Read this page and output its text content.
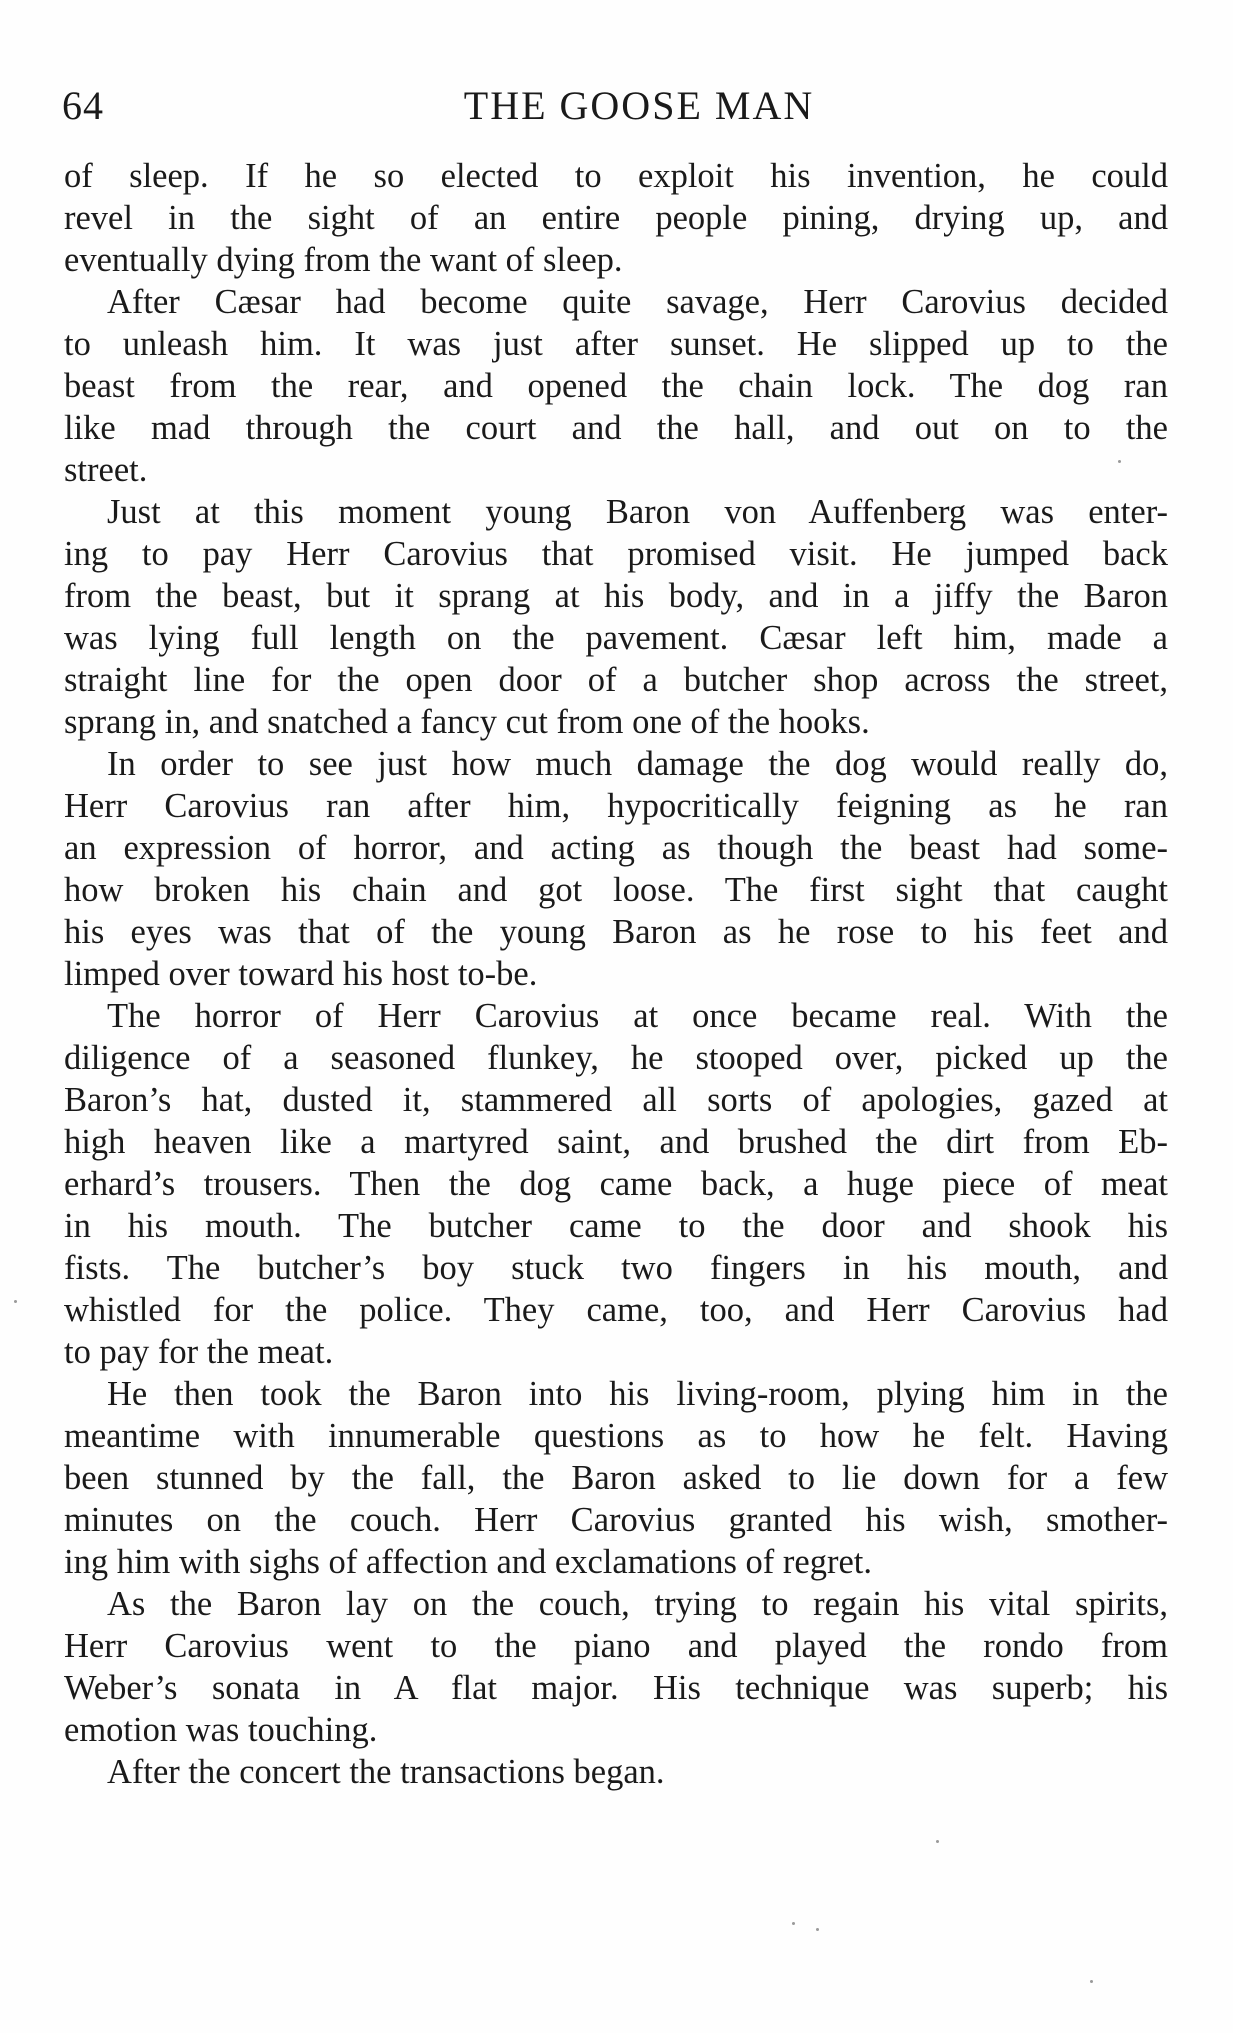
64	THE GOOSE MAN
of sleep. If he so elected to exploit his invention, he could
revel in the sight of an entire people pining, drying up, and
eventually dying from the want of sleep.
After Cæsar had become quite savage, Herr Carovius decided
to unleash him. It was just after sunset. He slipped up to the
beast from the rear, and opened the chain lock. The dog ran
like mad through the court and the hall, and out on to the
street.
Just at this moment young Baron von Auffenberg was enter-
ing to pay Herr Carovius that promised visit. He jumped back
from the beast, but it sprang at his body, and in a jiffy the Baron
was lying full length on the pavement. Cæsar left him, made a
straight line for the open door of a butcher shop across the street,
sprang in, and snatched a fancy cut from one of the hooks.
In order to see just how much damage the dog would really do,
Herr Carovius ran after him, hypocritically feigning as he ran
an expression of horror, and acting as though the beast had some-
how broken his chain and got loose. The first sight that caught
his eyes was that of the young Baron as he rose to his feet and
limped over toward his host to-be.
The horror of Herr Carovius at once became real. With the
diligence of a seasoned flunkey, he stooped over, picked up the
Baron’s hat, dusted it, stammered all sorts of apologies, gazed at
high heaven like a martyred saint, and brushed the dirt from Eb-
erhard’s trousers. Then the dog came back, a huge piece of meat
in his mouth. The butcher came to the door and shook his
fists. The butcher’s boy stuck two fingers in his mouth, and
whistled for the police. They came, too, and Herr Carovius had
to pay for the meat.
He then took the Baron into his living-room, plying him in the
meantime with innumerable questions as to how he felt. Having
been stunned by the fall, the Baron asked to lie down for a few
minutes on the couch. Herr Carovius granted his wish, smother-
ing him with sighs of affection and exclamations of regret.
As the Baron lay on the couch, trying to regain his vital spirits,
Herr Carovius went to the piano and played the rondo from
Weber’s sonata in A flat major. His technique was superb; his
emotion was touching.
After the concert the transactions began.
